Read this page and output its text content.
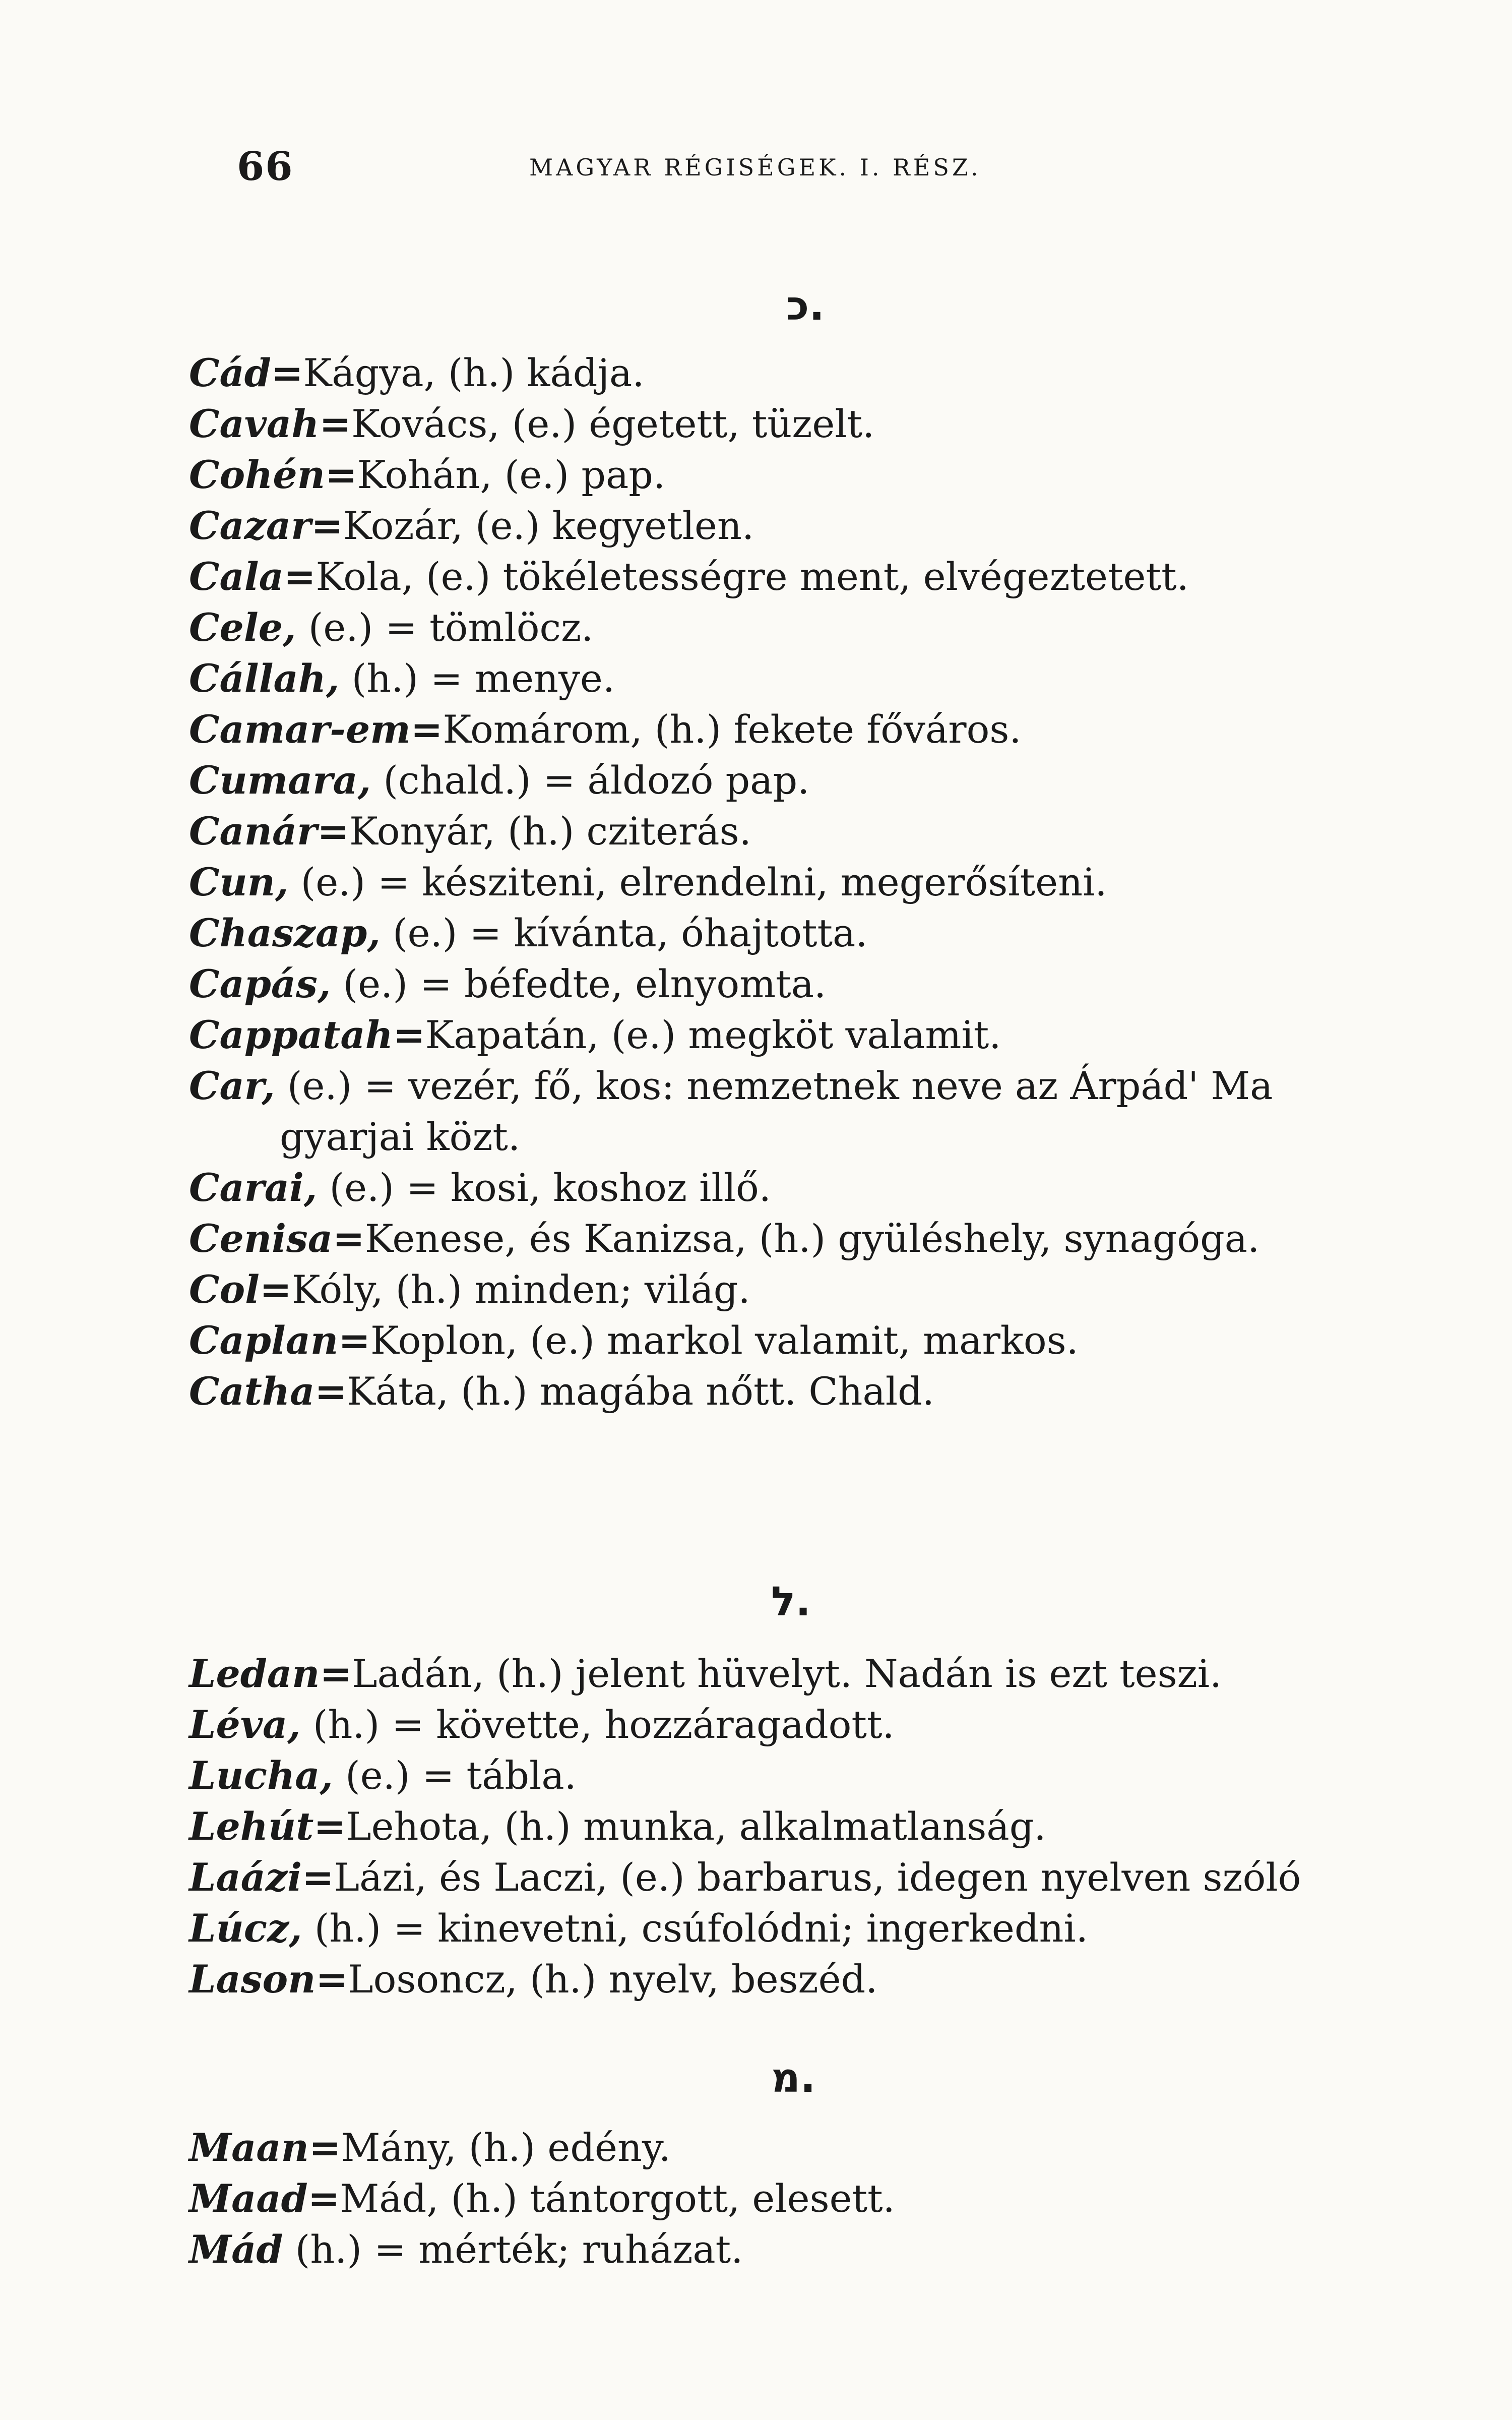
66	MAGYAR RÉGISÉGEK. I. RÉSZ.
כ.
ל.
מ.
Cád=Kágya, (h.) kádja.
Cavah=Kovács, (e.) égetett, tüzelt.
Cohén=Kohán, (e.) pap.
Cazar=Kozár, (e.) kegyetlen.
Cala=Kola, (e.) tökéletességre ment, elvégeztetett.
Cele, (e.) = tömlöcz.
Cállah, (h.) = menye.
Camar-em=Komárom, (h.) fekete főváros.
Cumara, (chald.) = áldozó pap.
Canár=Konyár, (h.) cziterás.
Cun, (e.) = késziteni, elrendelni, megerősíteni.
Chaszap, (e.) = kívánta, óhajtotta.
Capás, (e.) = béfedte, elnyomta.
Cappatah=Kapatán, (e.) megköt valamit.
Car, (e.) = vezér, fő, kos: nemzetnek neve az Árpád' Ma
gyarjai közt.
Carai, (e.) = kosi, koshoz illő.
Cenisa=Kenese, és Kanizsa, (h.) gyüléshely, synagóga.
Col=Kóly, (h.) minden; világ.
Caplan=Koplon, (e.) markol valamit, markos.
Catha=Káta, (h.) magába nőtt. Chald.
Ledan=Ladán, (h.) jelent hüvelyt. Nadán is ezt teszi.
Léva, (h.) = követte, hozzáragadott.
Lucha, (e.) = tábla.
Lehút=Lehota, (h.) munka, alkalmatlanság.
Laázi=Lázi, és Laczi, (e.) barbarus, idegen nyelven szóló
Lúcz, (h.) = kinevetni, csúfolódni; ingerkedni.
Lason=Losoncz, (h.) nyelv, beszéd.
Maan=Mány, (h.) edény.
Maad=Mád, (h.) tántorgott, elesett.
Mád (h.) = mérték; ruházat.
